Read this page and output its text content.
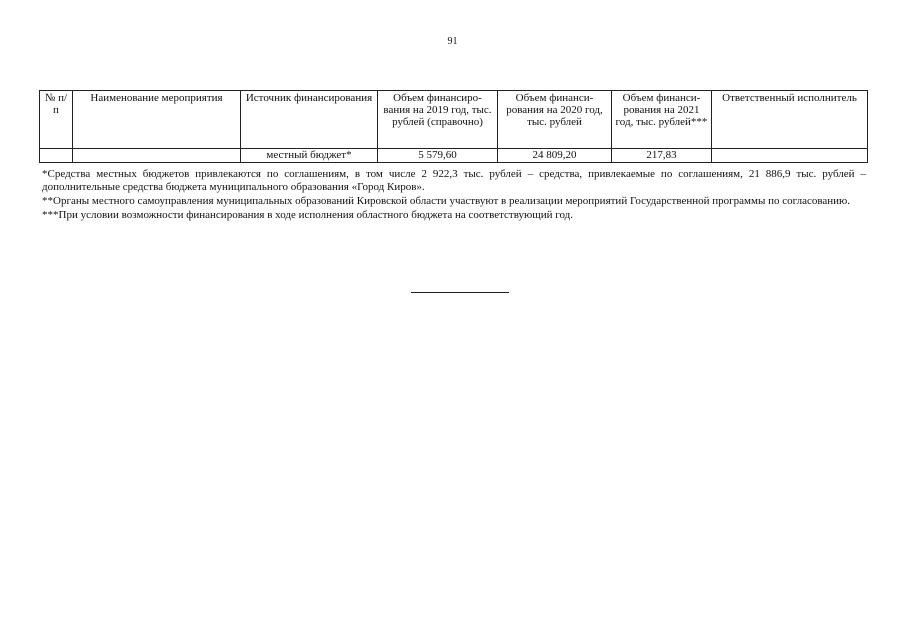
91
№ п/п	Наименование мероприятия	Источник финансирования	Объем финансиро-вания на 2019 год, тыс. рублей (справочно)	Объем финанси-рования на 2020 год, тыс. рублей	Объем финанси-рования на 2021 год, тыс. рублей***	Ответственный исполнитель
		местный бюджет*	5 579,60	24 809,20	217,83	

*Средства местных бюджетов привлекаются по соглашениям, в том числе 2 922,3 тыс. рублей – средства, привлекаемые по соглашениям, 21 886,9 тыс. рублей – дополнительные средства бюджета муниципального образования «Город Киров».

**Органы местного самоуправления муниципальных образований Кировской области участвуют в реализации мероприятий Государственной программы по согласованию.

***При условии возможности финансирования в ходе исполнения областного бюджета на соответствующий год.
